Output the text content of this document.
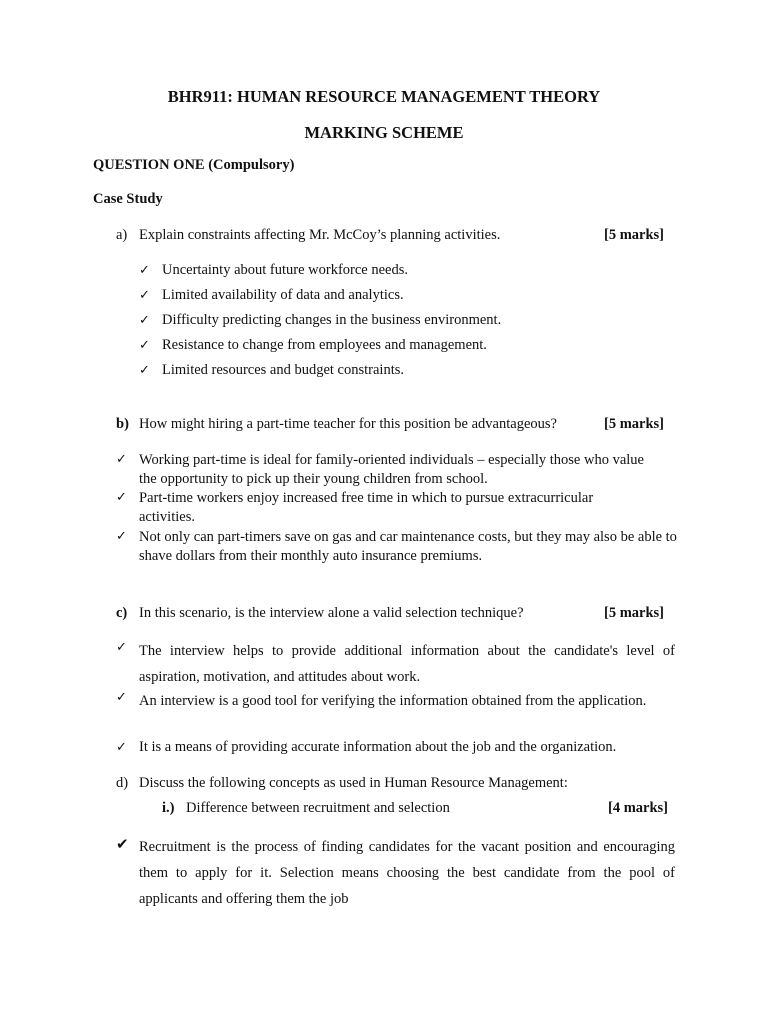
BHR911: HUMAN RESOURCE MANAGEMENT THEORY
MARKING SCHEME
QUESTION ONE (Compulsory)
Case Study
a) Explain constraints affecting Mr. McCoy’s planning activities.	[5 marks]
✓ Uncertainty about future workforce needs.
✓ Limited availability of data and analytics.
✓ Difficulty predicting changes in the business environment.
✓ Resistance to change from employees and management.
✓ Limited resources and budget constraints.
b) How might hiring a part-time teacher for this position be advantageous?	[5 marks]
✓ Working part-time is ideal for family-oriented individuals – especially those who value the opportunity to pick up their young children from school.
✓ Part-time workers enjoy increased free time in which to pursue extracurricular activities.
✓ Not only can part-timers save on gas and car maintenance costs, but they may also be able to shave dollars from their monthly auto insurance premiums.
c) In this scenario, is the interview alone a valid selection technique?	[5 marks]
✓ The interview helps to provide additional information about the candidate's level of aspiration, motivation, and attitudes about work.
✓ An interview is a good tool for verifying the information obtained from the application.
✓ It is a means of providing accurate information about the job and the organization.
d) Discuss the following concepts as used in Human Resource Management:
i.) Difference between recruitment and selection	[4 marks]
✔ Recruitment is the process of finding candidates for the vacant position and encouraging them to apply for it. Selection means choosing the best candidate from the pool of applicants and offering them the job
